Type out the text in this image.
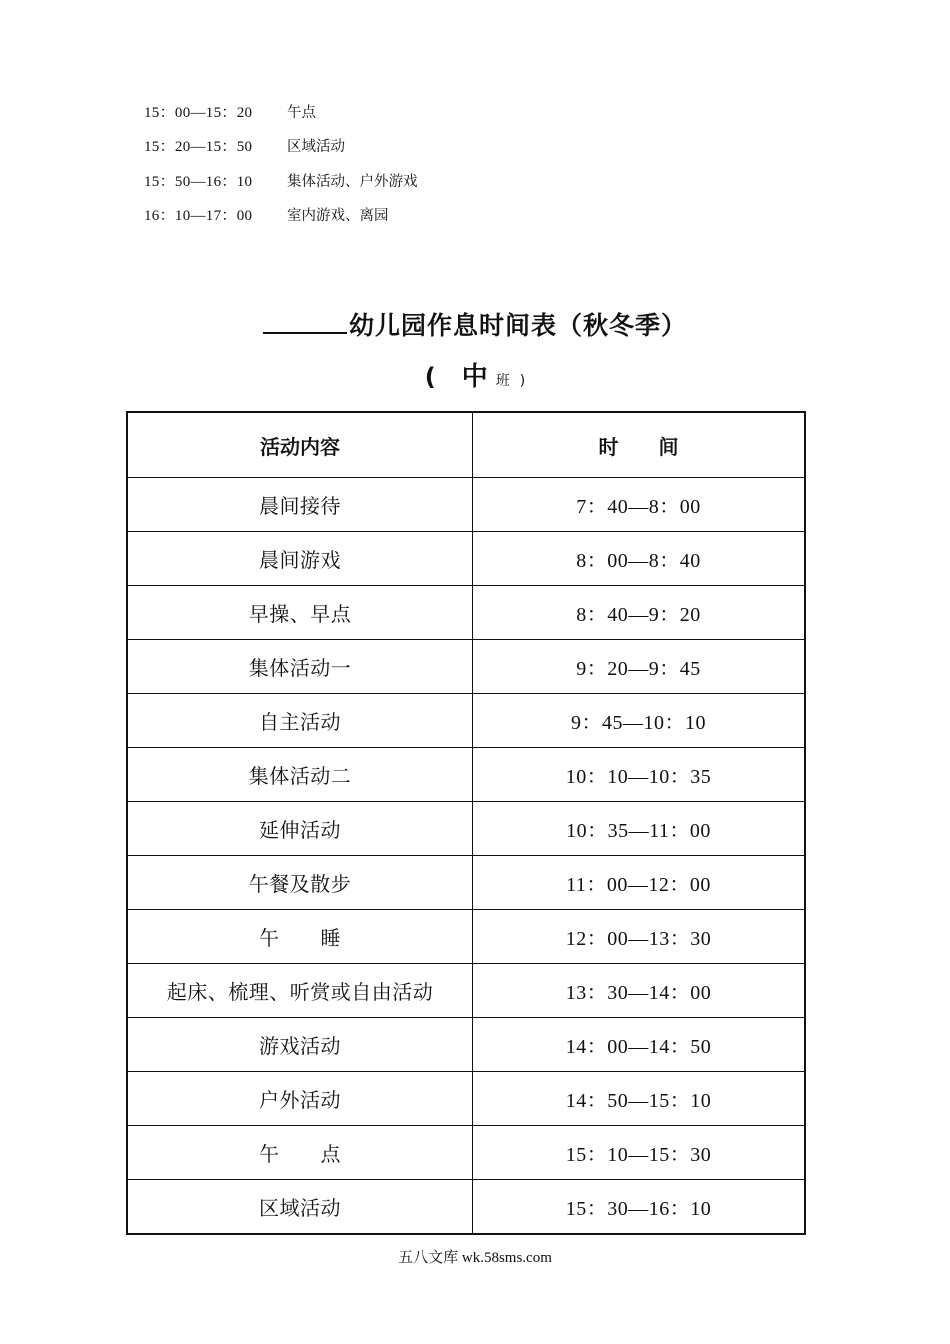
15：00—15：20	午点
15：20—15：50	区域活动
15：50—16：10	集体活动、户外游戏
16：10—17：00	室内游戏、离园
幼儿园作息时间表（秋冬季）
( 中 班 )
活动内容	时　　间
晨间接待	7：40—8：00
晨间游戏	8：00—8：40
早操、早点	8：40—9：20
集体活动一	9：20—9：45
自主活动	9：45—10：10
集体活动二	10：10—10：35
延伸活动	10：35—11：00
午餐及散步	11：00—12：00
午　　睡	12：00—13：30
起床、梳理、听赏或自由活动	13：30—14：00
游戏活动	14：00—14：50
户外活动	14：50—15：10
午　　点	15：10—15：30
区域活动	15：30—16：10
五八文库 wk.58sms.com
